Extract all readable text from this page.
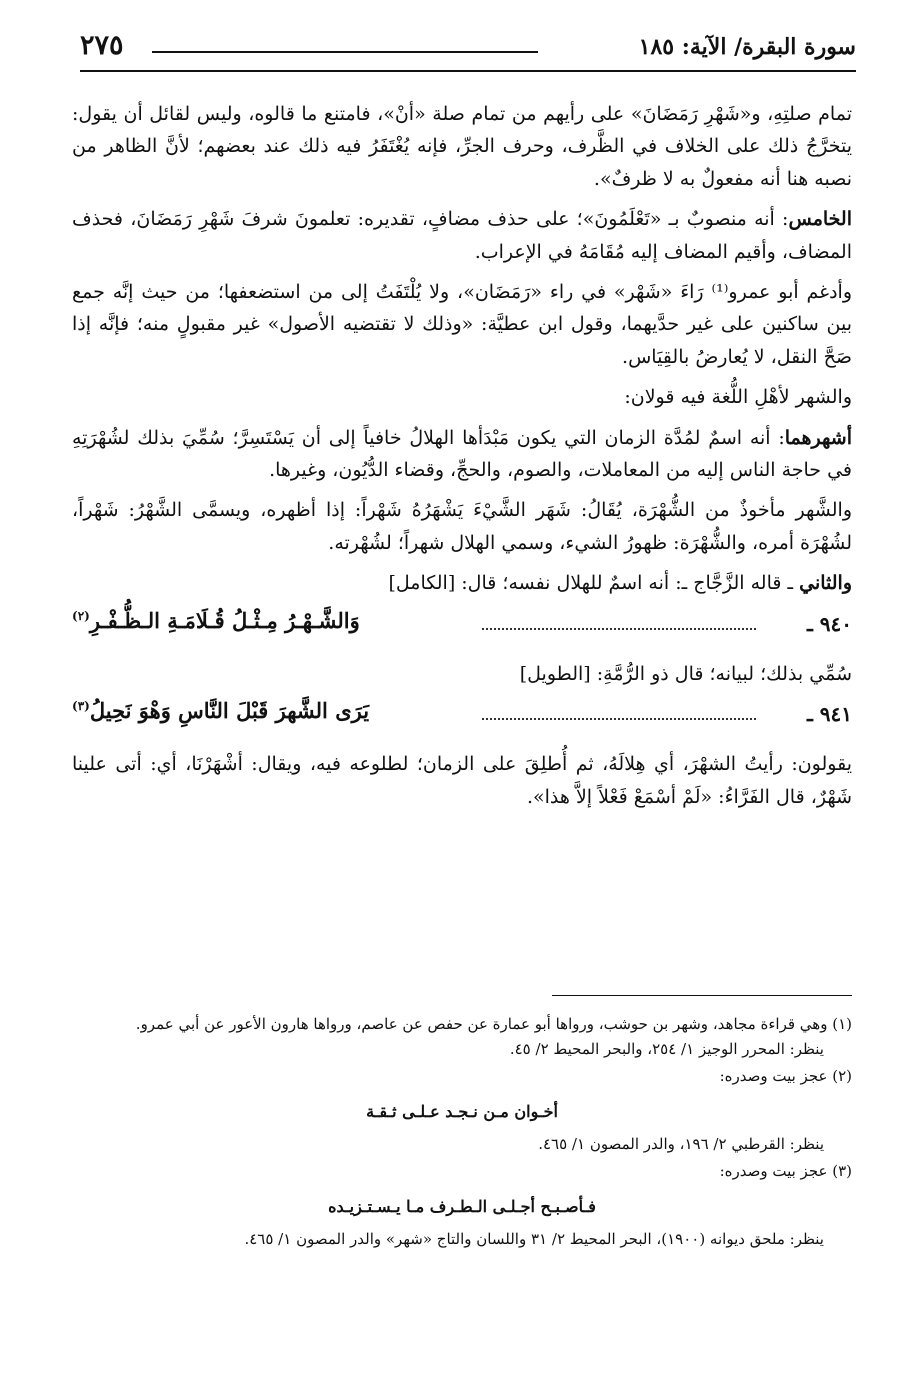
سورة البقرة/ الآية: ١٨٥
٢٧٥

تمام صلتِهِ، و«شَهْرِ رَمَضَانَ» على رأيهم من تمام صلة «أنْ»، فامتنع ما قالوه، وليس لقائل أن يقول: يتخرَّجُ ذلك على الخلاف في الظَّرف، وحرف الجرِّ، فإنه يُغْتَفَرُ فيه ذلك عند بعضهم؛ لأنَّ الظاهر من نصبه هنا أنه مفعولٌ به لا ظرفٌ».

الخامس: أنه منصوبٌ بـ «تَعْلَمُونَ»؛ على حذف مضافٍ، تقديره: تعلمونَ شرفَ شَهْرِ رَمَضَانَ، فحذف المضاف، وأقيم المضاف إليه مُقَامَهُ في الإعراب.

وأدغم أبو عمرو⁽¹⁾ رَاءَ «شَهْر» في راء «رَمَضَان»، ولا يُلْتَفَتُ إلى من استضعفها؛ من حيث إنَّه جمع بين ساكنين على غير حدَّيهما، وقول ابن عطيَّة: «وذلك لا تقتضيه الأصول» غير مقبولٍ منه؛ فإنَّه إذا صَحَّ النقل، لا يُعارضُ بالقِيَاس.

والشهر لأهْلِ اللُّغة فيه قولان:

أشهرهما: أنه اسمٌ لمُدَّة الزمان التي يكون مَبْدَأها الهلالُ خافياً إلى أن يَسْتَسِرَّ؛ سُمِّيَ بذلك لشُهْرَتِهِ في حاجة الناس إليه من المعاملات، والصوم، والحجِّ، وقضاء الدُّيُون، وغيرها.

والشَّهر مأخوذٌ من الشُّهْرَة، يُقَالُ: شَهَر الشَّيْءَ يَشْهَرُهُ شَهْراً: إذا أظهره، ويسمَّى الشَّهْرُ: شَهْراً، لشُهْرَة أمره، والشُّهْرَة: ظهورُ الشيء، وسمي الهلال شهراً؛ لشُهْرته.

والثاني ـ قاله الزَّجَّاج ـ: أنه اسمٌ للهلال نفسه؛ قال: [الكامل]

٩٤٠ ـ
وَالشَّـهْـرُ مِـثْـلُ قُـلَامَـةِ الـظُّـفْـرِ$^{(٢)}$

سُمِّي بذلك؛ لبيانه؛ قال ذو الرُّمَّةِ: [الطويل]

٩٤١ ـ
يَرَى الشَّهرَ قَبْلَ النَّاسِ وَهْوَ نَحِيلُ$^{(٣)}$

يقولون: رأيتُ الشهْرَ، أي هِلالَهُ، ثم أُطلِقَ على الزمان؛ لطلوعه فيه، ويقال: أشْهَرْنَا، أي: أتى علينا شَهْرٌ، قال الفَرَّاءُ: «لَمْ أسْمَعْ فَعْلاً إلاَّ هذا».

(١) وهي قراءة مجاهد، وشهر بن حوشب، ورواها أبو عمارة عن حفص عن عاصم، ورواها هارون الأعور عن أبي عمرو.
ينظر: المحرر الوجيز ١/ ٢٥٤، والبحر المحيط ٢/ ٤٥.
(٢) عجز بيت وصدره:
أخـوان مـن نـجـد عـلـى ثـقـة
ينظر: القرطبي ٢/ ١٩٦، والدر المصون ١/ ٤٦٥.
(٣) عجز بيت وصدره:
فـأصـبـح أجـلـى الـطـرف مـا يـسـتـزيـده
ينظر: ملحق ديوانه (١٩٠٠)، البحر المحيط ٢/ ٣١ واللسان والتاج «شهر» والدر المصون ١/ ٤٦٥.
